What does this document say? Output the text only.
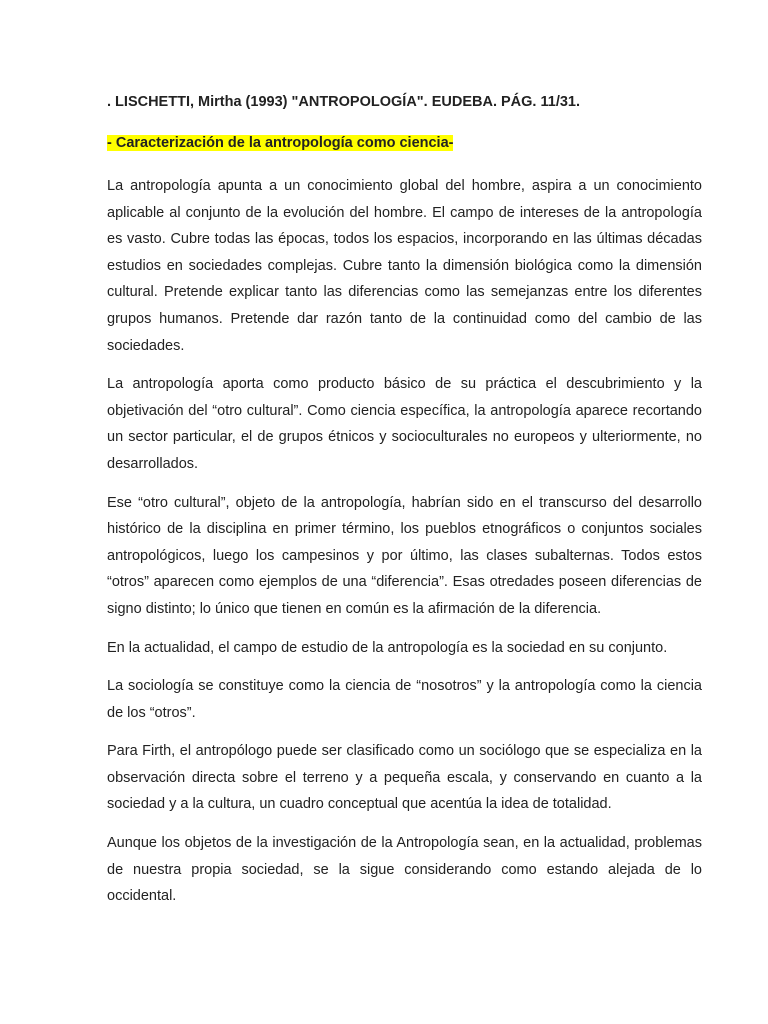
. LISCHETTI, Mirtha (1993) "ANTROPOLOGÍA". EUDEBA. PÁG. 11/31.

- Caracterización de la antropología como ciencia-

La antropología apunta a un conocimiento global del hombre, aspira a un conocimiento aplicable al conjunto de la evolución del hombre. El campo de intereses de la antropología es vasto. Cubre todas las épocas, todos los espacios, incorporando en las últimas décadas estudios en sociedades complejas. Cubre tanto la dimensión biológica como la dimensión cultural. Pretende explicar tanto las diferencias como las semejanzas entre los diferentes grupos humanos. Pretende dar razón tanto de la continuidad como del cambio de las sociedades.

La antropología aporta como producto básico de su práctica el descubrimiento y la objetivación del “otro cultural”. Como ciencia específica, la antropología aparece recortando un sector particular, el de grupos étnicos y socioculturales no europeos y ulteriormente, no desarrollados.

Ese “otro cultural”, objeto de la antropología, habrían sido en el transcurso del desarrollo histórico de la disciplina en primer término, los pueblos etnográficos o conjuntos sociales antropológicos, luego los campesinos y por último, las clases subalternas. Todos estos “otros” aparecen como ejemplos de una “diferencia”. Esas otredades poseen diferencias de signo distinto; lo único que tienen en común es la afirmación de la diferencia.

En la actualidad, el campo de estudio de la antropología es la sociedad en su conjunto.

La sociología se constituye como la ciencia de “nosotros” y la antropología como la ciencia de los “otros”.

Para Firth, el antropólogo puede ser clasificado como un sociólogo que se especializa en la observación directa sobre el terreno y a pequeña escala, y conservando en cuanto a la sociedad y a la cultura, un cuadro conceptual que acentúa la idea de totalidad.

Aunque los objetos de la investigación de la Antropología sean, en la actualidad, problemas de nuestra propia sociedad, se la sigue considerando como estando alejada de lo occidental.
